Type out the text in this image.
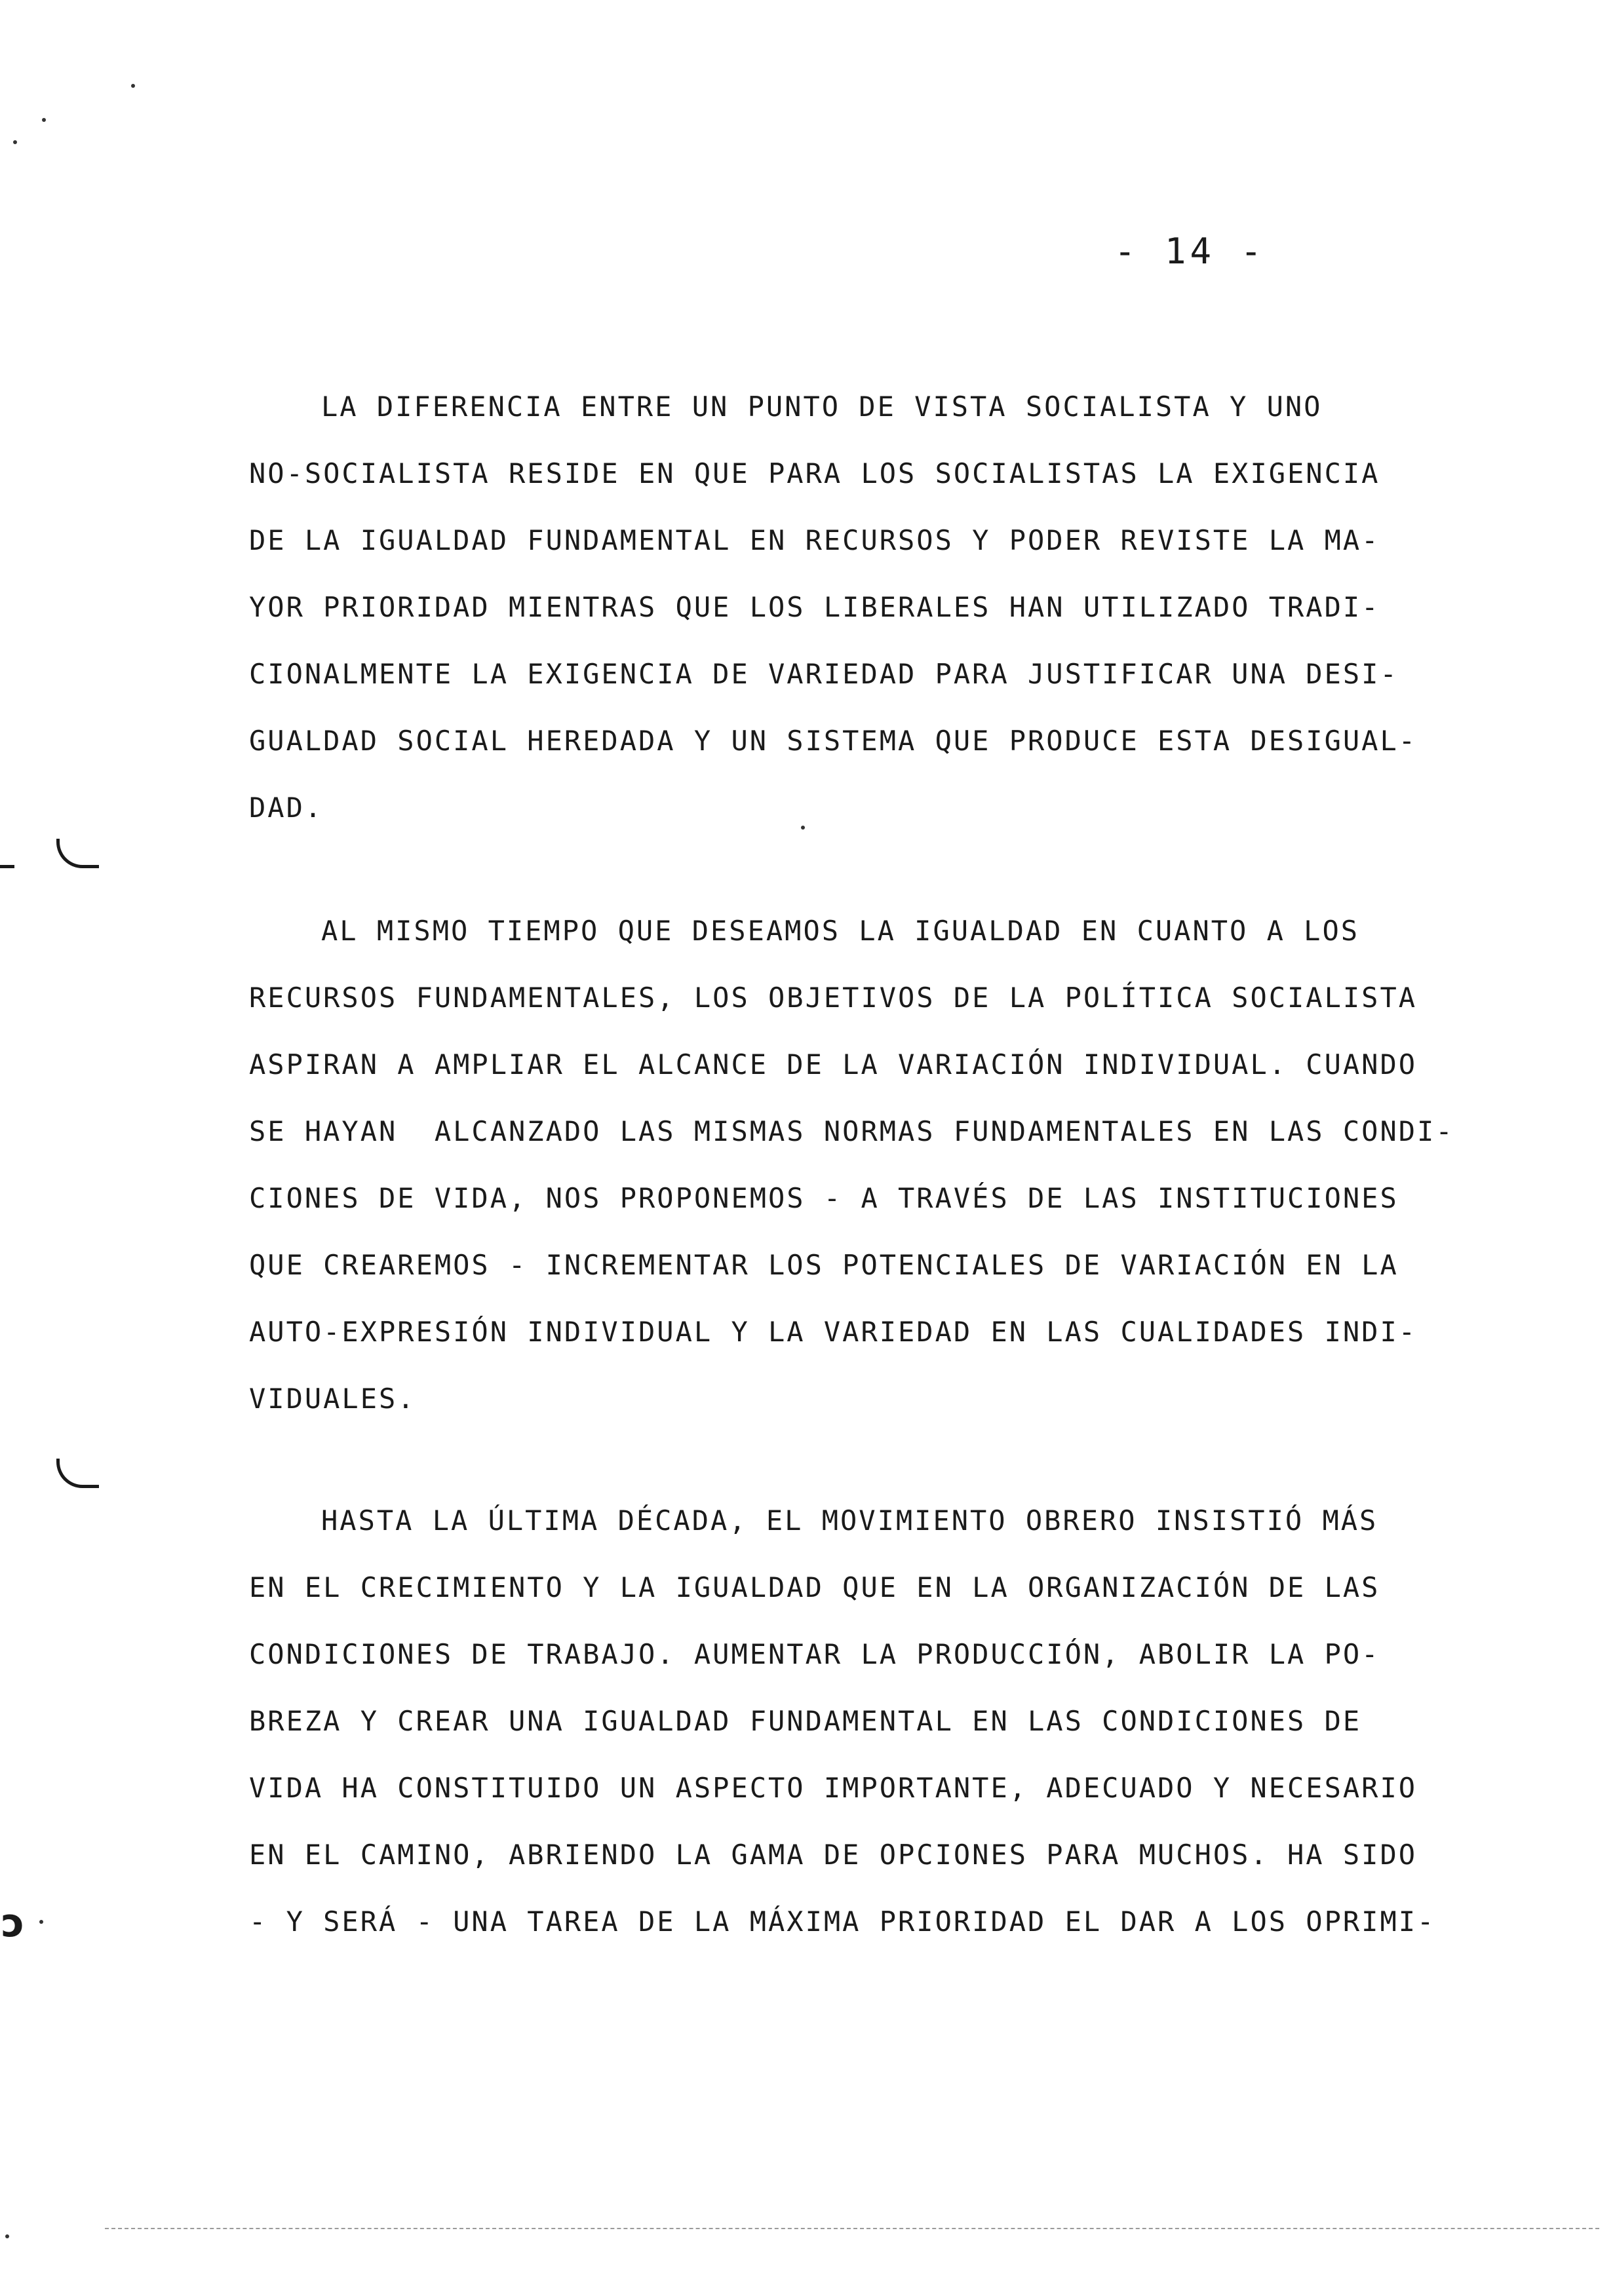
- 14 -
LA DIFERENCIA ENTRE UN PUNTO DE VISTA SOCIALISTA Y UNO
NO-SOCIALISTA RESIDE EN QUE PARA LOS SOCIALISTAS LA EXIGENCIA
DE LA IGUALDAD FUNDAMENTAL EN RECURSOS Y PODER REVISTE LA MA-
YOR PRIORIDAD MIENTRAS QUE LOS LIBERALES HAN UTILIZADO TRADI-
CIONALMENTE LA EXIGENCIA DE VARIEDAD PARA JUSTIFICAR UNA DESI-
GUALDAD SOCIAL HEREDADA Y UN SISTEMA QUE PRODUCE ESTA DESIGUAL-
DAD.
AL MISMO TIEMPO QUE DESEAMOS LA IGUALDAD EN CUANTO A LOS
RECURSOS FUNDAMENTALES, LOS OBJETIVOS DE LA POLÍTICA SOCIALISTA
ASPIRAN A AMPLIAR EL ALCANCE DE LA VARIACIÓN INDIVIDUAL. CUANDO
SE HAYAN  ALCANZADO LAS MISMAS NORMAS FUNDAMENTALES EN LAS CONDI-
CIONES DE VIDA, NOS PROPONEMOS - A TRAVÉS DE LAS INSTITUCIONES
QUE CREAREMOS - INCREMENTAR LOS POTENCIALES DE VARIACIÓN EN LA
AUTO-EXPRESIÓN INDIVIDUAL Y LA VARIEDAD EN LAS CUALIDADES INDI-
VIDUALES.
HASTA LA ÚLTIMA DÉCADA, EL MOVIMIENTO OBRERO INSISTIÓ MÁS
EN EL CRECIMIENTO Y LA IGUALDAD QUE EN LA ORGANIZACIÓN DE LAS
CONDICIONES DE TRABAJO. AUMENTAR LA PRODUCCIÓN, ABOLIR LA PO-
BREZA Y CREAR UNA IGUALDAD FUNDAMENTAL EN LAS CONDICIONES DE
VIDA HA CONSTITUIDO UN ASPECTO IMPORTANTE, ADECUADO Y NECESARIO
EN EL CAMINO, ABRIENDO LA GAMA DE OPCIONES PARA MUCHOS. HA SIDO
- Y SERÁ - UNA TAREA DE LA MÁXIMA PRIORIDAD EL DAR A LOS OPRIMI-
ↄ
